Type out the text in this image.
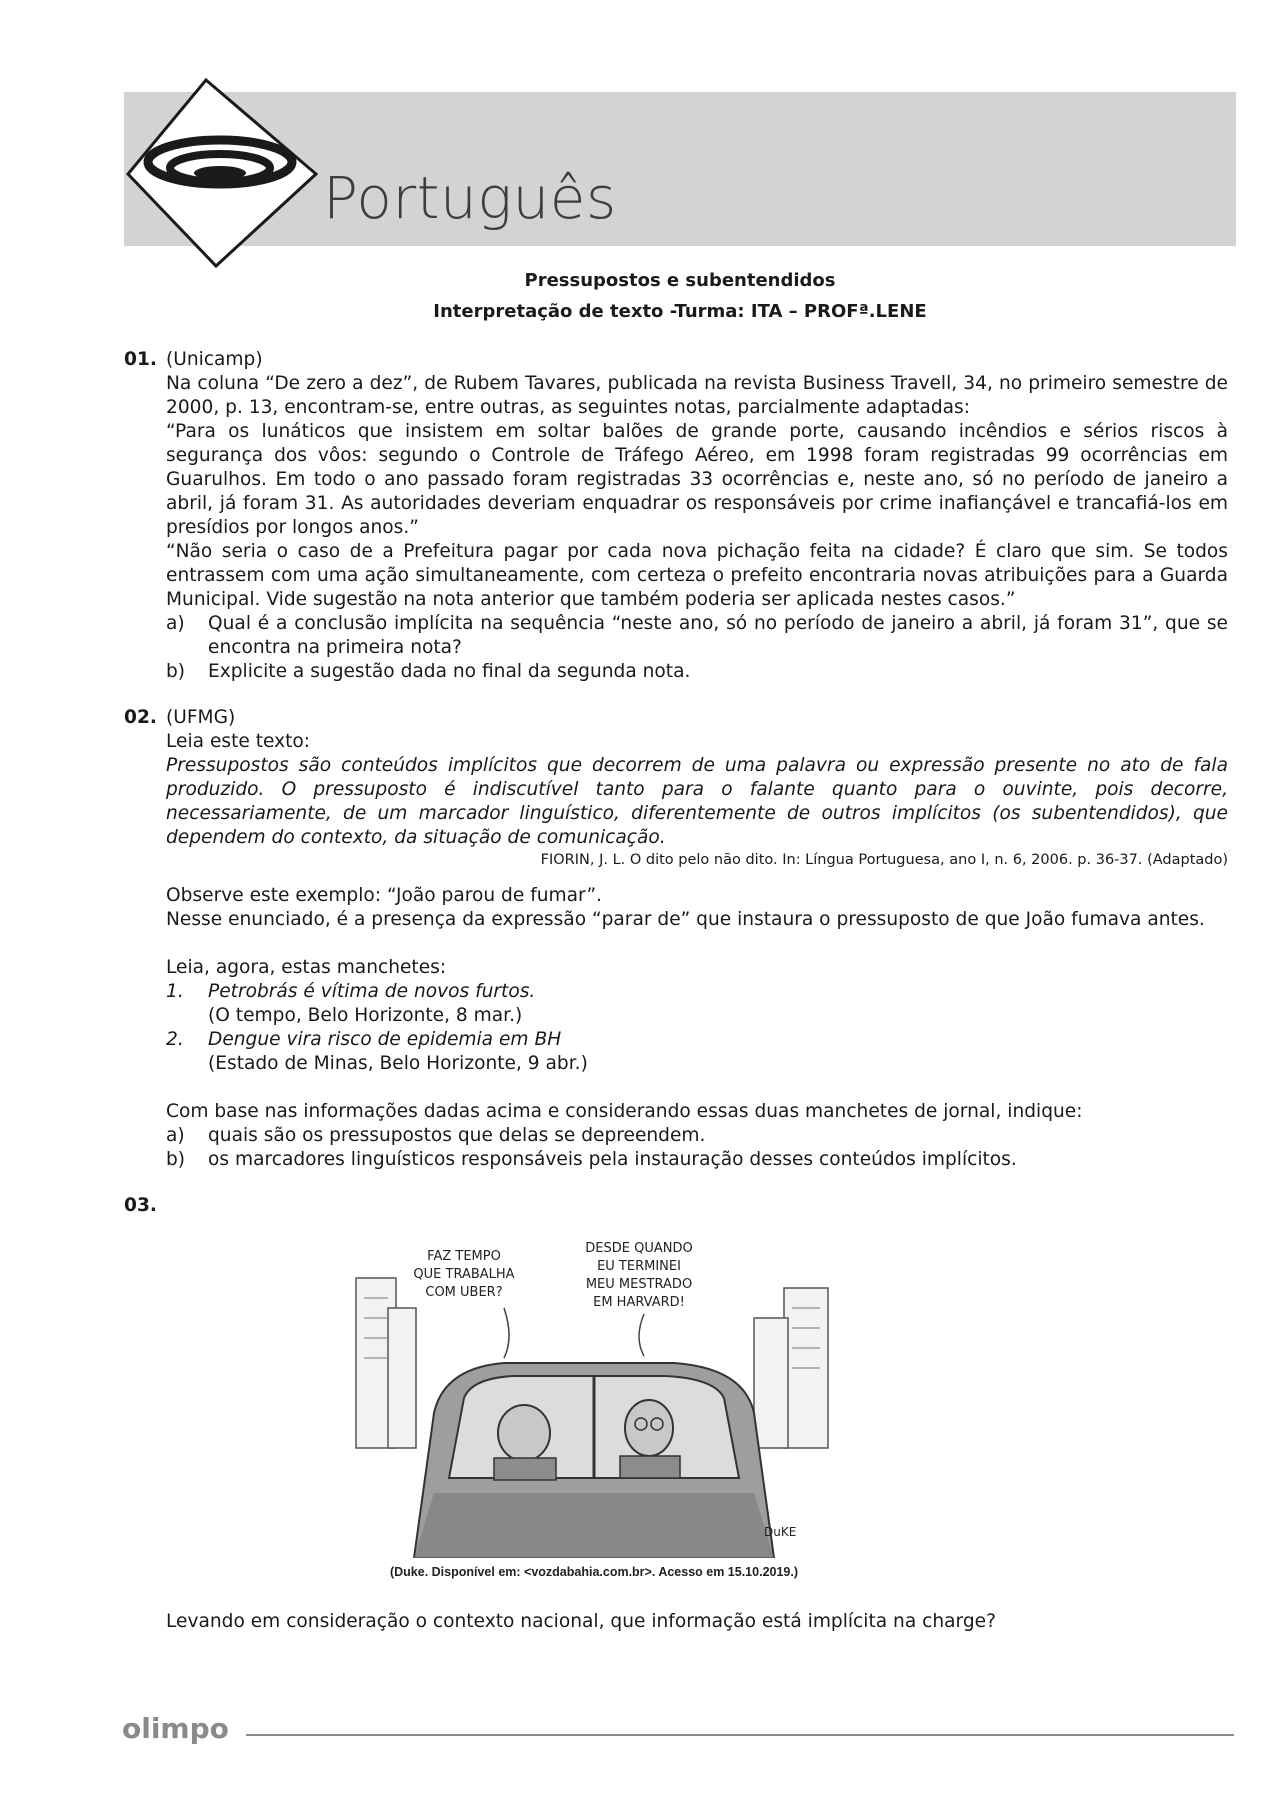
Português
Pressupostos e subentendidos
Interpretação de texto -Turma: ITA – PROFª.LENE
01. (Unicamp)

Na coluna “De zero a dez”, de Rubem Tavares, publicada na revista Business Travell, 34, no primeiro semestre de 2000, p. 13, encontram-se, entre outras, as seguintes notas, parcialmente adaptadas:

“Para os lunáticos que insistem em soltar balões de grande porte, causando incêndios e sérios riscos à segurança dos vôos: segundo o Controle de Tráfego Aéreo, em 1998 foram registradas 99 ocorrências em Guarulhos. Em todo o ano passado foram registradas 33 ocorrências e, neste ano, só no período de janeiro a abril, já foram 31. As autoridades deveriam enquadrar os responsáveis por crime inafiançável e trancafiá-los em presídios por longos anos.”

“Não seria o caso de a Prefeitura pagar por cada nova pichação feita na cidade? É claro que sim. Se todos entrassem com uma ação simultaneamente, com certeza o prefeito encontraria novas atribuições para a Guarda Municipal. Vide sugestão na nota anterior que também poderia ser aplicada nestes casos.”

a)	Qual é a conclusão implícita na sequência “neste ano, só no período de janeiro a abril, já foram 31”, que se encontra na primeira nota?
b)	Explicite a sugestão dada no final da segunda nota.
02. (UFMG)

Leia este texto:

Pressupostos são conteúdos implícitos que decorrem de uma palavra ou expressão presente no ato de fala produzido. O pressuposto é indiscutível tanto para o falante quanto para o ouvinte, pois decorre, necessariamente, de um marcador linguístico, diferentemente de outros implícitos (os subentendidos), que dependem do contexto, da situação de comunicação.

FIORIN, J. L. O dito pelo não dito. In: Língua Portuguesa, ano I, n. 6, 2006. p. 36-37. (Adaptado)

Observe este exemplo: “João parou de fumar”.

Nesse enunciado, é a presença da expressão “parar de” que instaura o pressuposto de que João fumava antes.

Leia, agora, estas manchetes:

1.	Petrobrás é vítima de novos furtos.
(O tempo, Belo Horizonte, 8 mar.)
2.	Dengue vira risco de epidemia em BH
(Estado de Minas, Belo Horizonte, 9 abr.)

Com base nas informações dadas acima e considerando essas duas manchetes de jornal, indique:

a)	quais são os pressupostos que delas se depreendem.
b)	os marcadores linguísticos responsáveis pela instauração desses conteúdos implícitos.
03.
FAZ TEMPO
QUE TRABALHA
COM UBER?
DESDE QUANDO
EU TERMINEI
MEU MESTRADO
EM HARVARD!
DuKE
(Duke. Disponível em: <vozdabahia.com.br>. Acesso em 15.10.2019.)

Levando em consideração o contexto nacional, que informação está implícita na charge?

olimpo
